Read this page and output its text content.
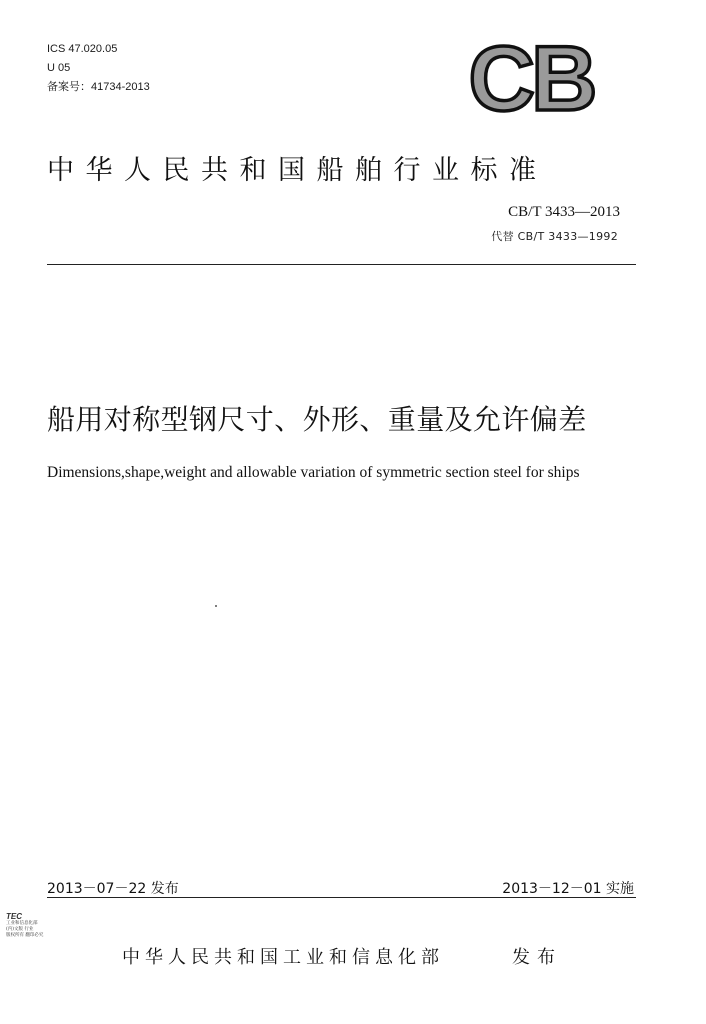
ICS 47.020.05
U 05
备案号：41734-2013	CB
中华人民共和国船舶行业标准
CB/T 3433—2013
代替 CB/T 3433—1992
船用对称型钢尺寸、外形、重量及允许偏差
Dimensions,shape,weight and allowable variation of symmetric section steel for ships
2013－07－22 发布	2013－12－01 实施
TEC
工业和信息化部
(内)文版 行业
版权所有 翻印必究
中华人民共和国工业和信息化部	发布
